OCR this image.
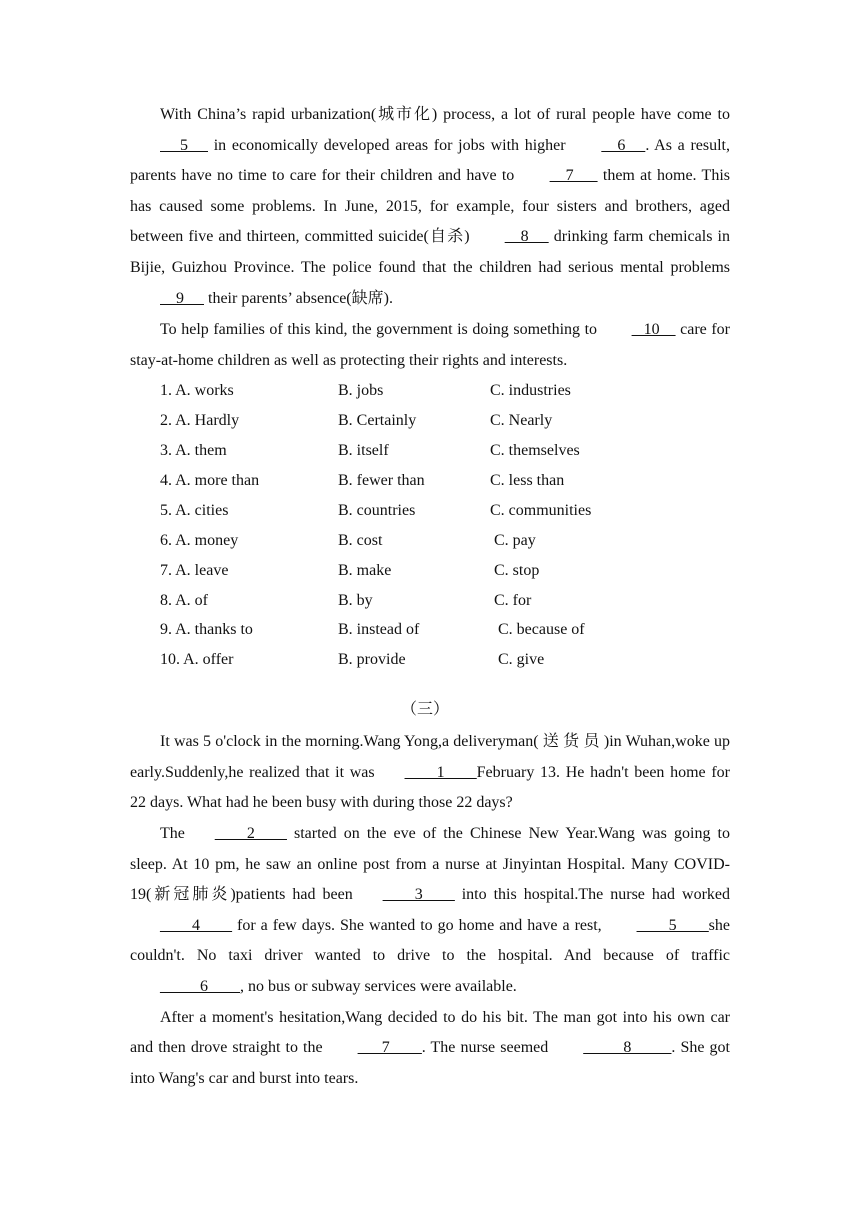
With China’s rapid urbanization(城市化) process, a lot of rural people have come to      5      in economically developed areas for jobs with higher     6     . As a result, parents have no time to care for their children and have to     7       them at home. This has caused some problems. In June, 2015, for example, four sisters and brothers, aged between five and thirteen, committed suicide(自杀)     8      drinking farm chemicals in Bijie, Guizhou Province. The police found that the children had serious mental problems     9      their parents’ absence(缺席).

To help families of this kind, the government is doing something to    10     care for stay-at-home children as well as protecting their rights and interests.

1. A. works	B. jobs	C. industries
2. A. Hardly	B. Certainly	C. Nearly
3. A. them	B. itself	C. themselves
4. A. more than	B. fewer than	C. less than
5. A. cities	B. countries	C. communities
6. A. money	B. cost	C. pay
7. A. leave	B. make	C. stop
8. A. of	B. by	C. for
9. A. thanks to	B. instead of	C. because of
10. A. offer	B. provide	C. give
（三）

It was 5 o'clock in the morning.Wang Yong,a deliveryman( 送 货 员 )in Wuhan,woke up early.Suddenly,he realized that it was ____1____February 13. He hadn't been home for 22 days. What had he been busy with during those 22 days?

The ____2____ started on the eve of the Chinese New Year.Wang was going to sleep. At 10 pm, he saw an online post from a nurse at Jinyintan Hospital. Many COVID-19(新冠肺炎)patients had been ____3____ into this hospital.The nurse had worked ____4____ for a few days. She wanted to go home and have a rest, ____5____she couldn't. No taxi driver wanted to drive to the hospital. And because of traffic_____6____, no bus or subway services were available.

After a moment's hesitation,Wang decided to do his bit. The man got into his own car and then drove straight to the ___7____. The nurse seemed _____8_____. She got into Wang's car and burst into tears.
